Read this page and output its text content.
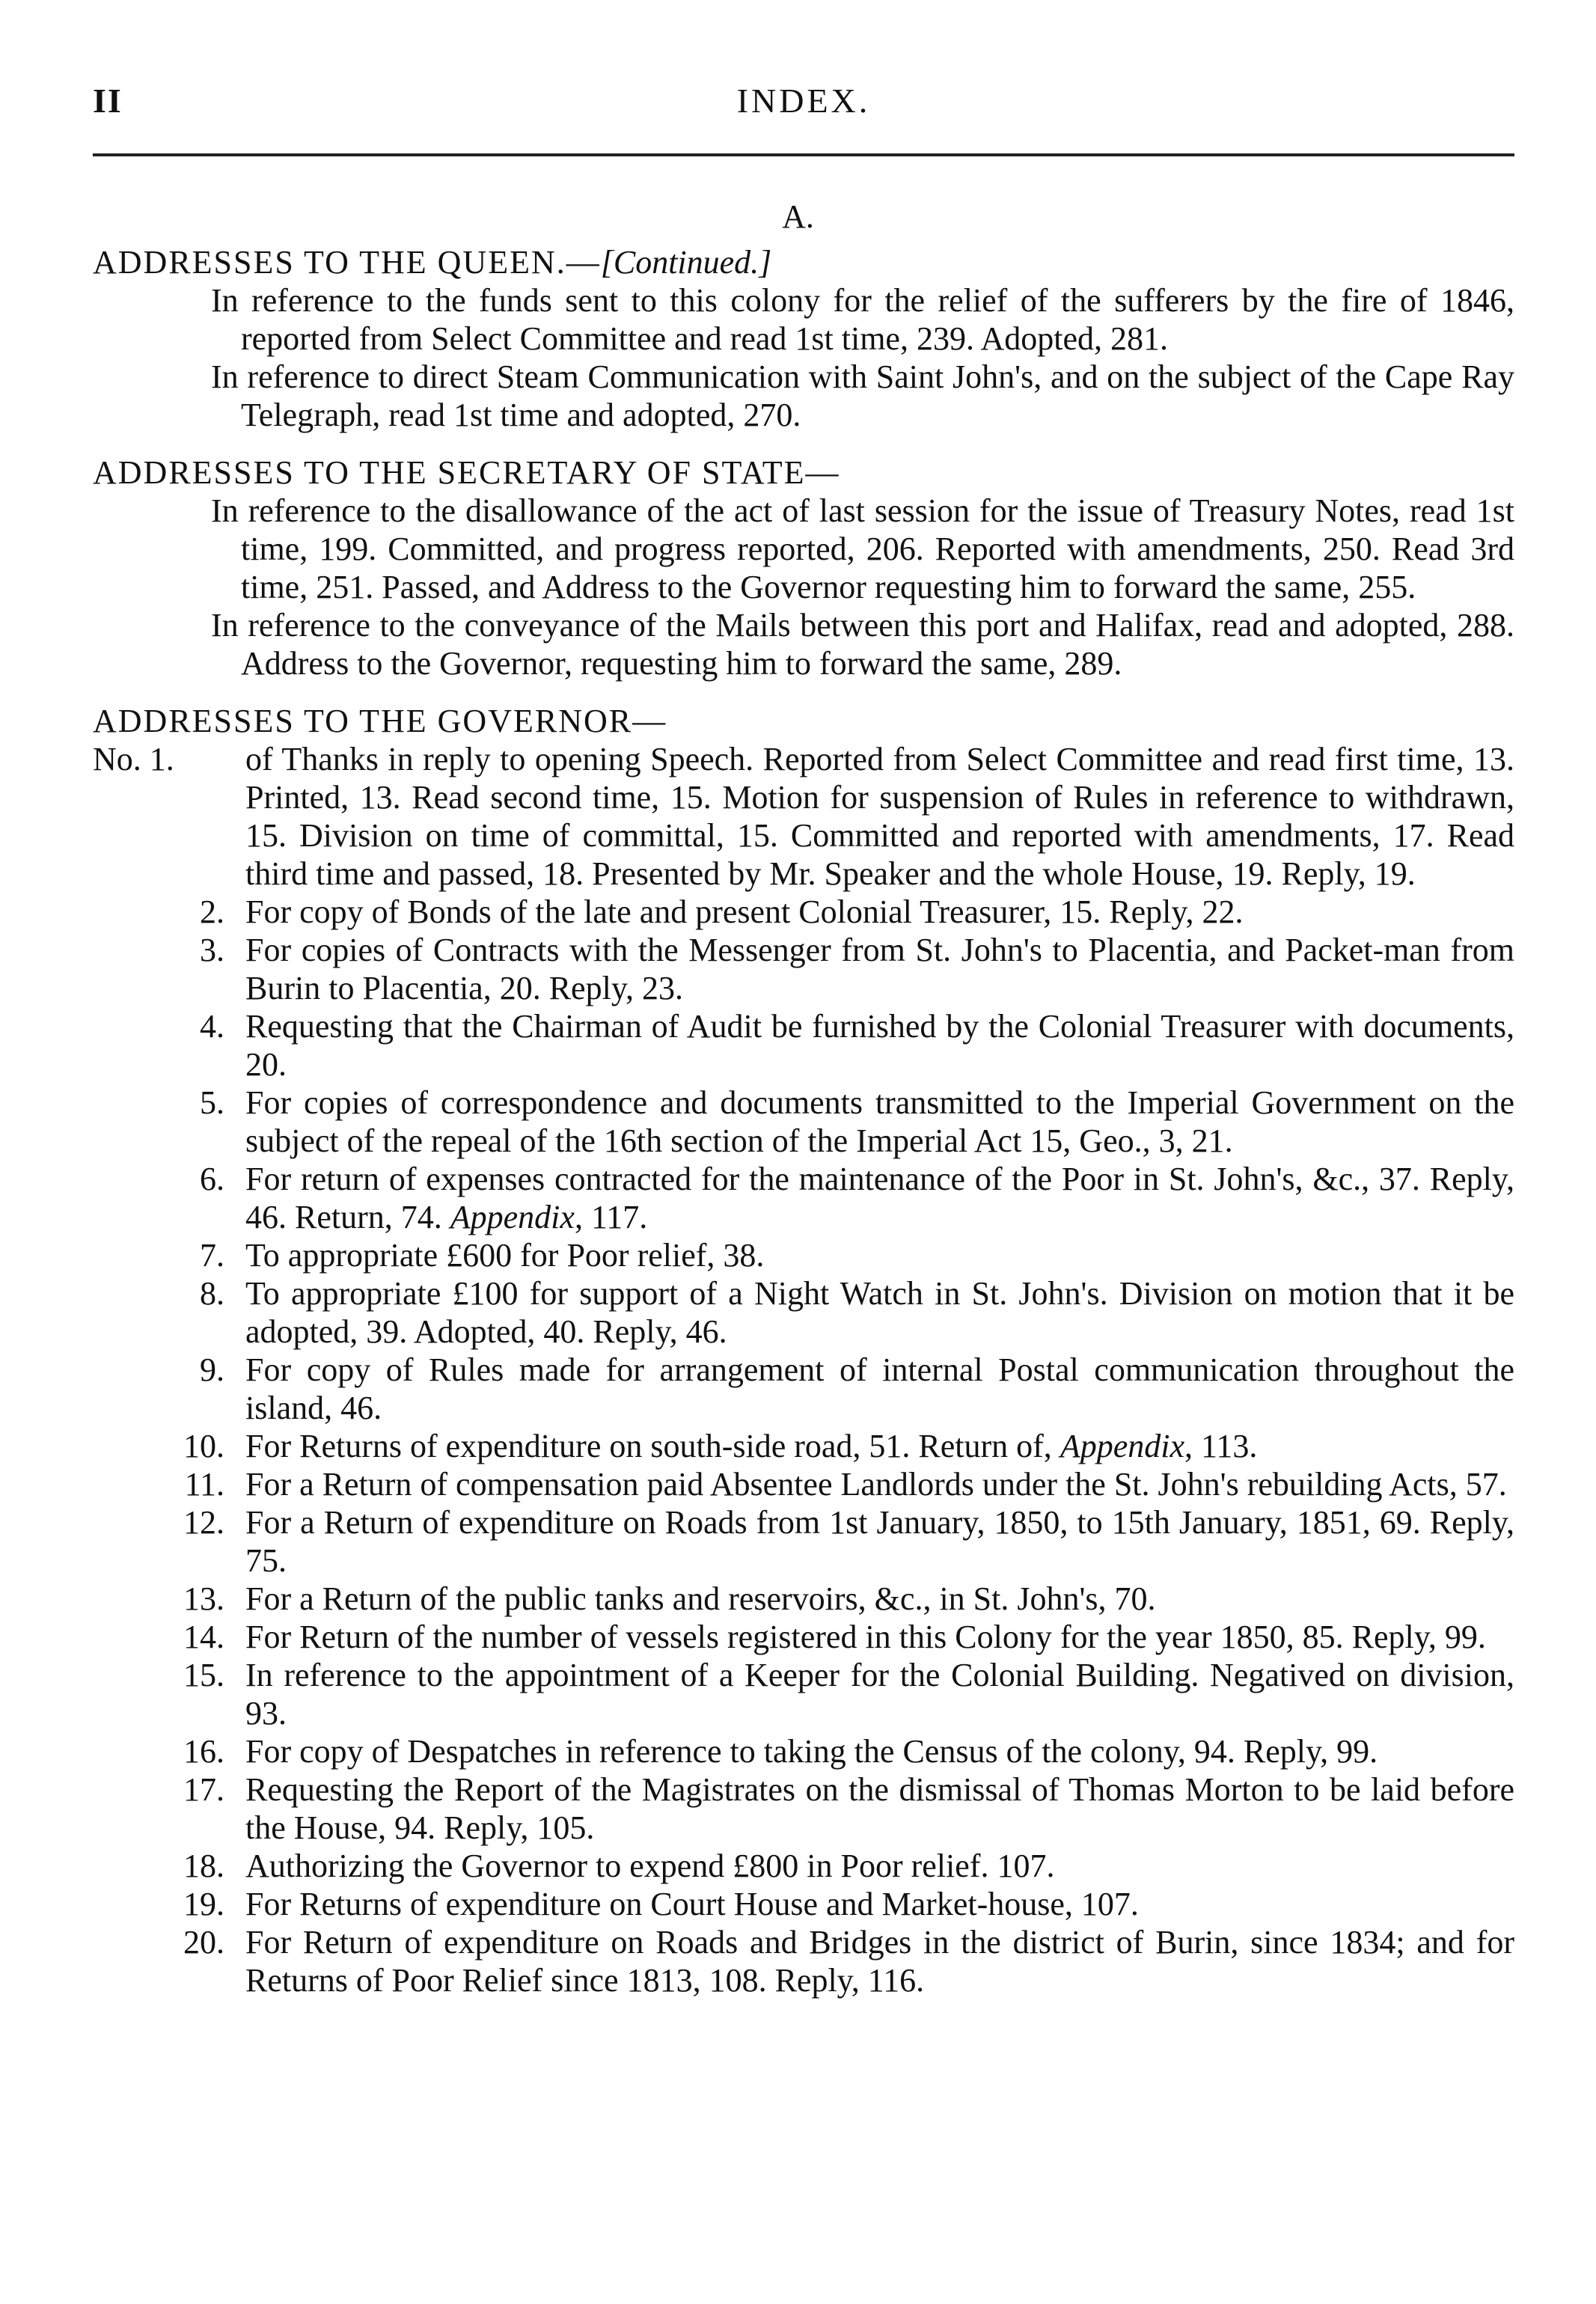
II	INDEX.
A.

ADDRESSES TO THE QUEEN.—[Continued.]

In reference to the funds sent to this colony for the relief of the sufferers by the fire of 1846, reported from Select Committee and read 1st time, 239. Adopted, 281.

In reference to direct Steam Communication with Saint John's, and on the subject of the Cape Ray Telegraph, read 1st time and adopted, 270.

ADDRESSES TO THE SECRETARY OF STATE—

In reference to the disallowance of the act of last session for the issue of Treasury Notes, read 1st time, 199. Committed, and progress reported, 206. Reported with amendments, 250. Read 3rd time, 251. Passed, and Address to the Governor requesting him to forward the same, 255.

In reference to the conveyance of the Mails between this port and Halifax, read and adopted, 288. Address to the Governor, requesting him to forward the same, 289.

ADDRESSES TO THE GOVERNOR—

No. 1.	of Thanks in reply to opening Speech. Reported from Select Committee and read first time, 13. Printed, 13. Read second time, 15. Motion for suspension of Rules in reference to withdrawn, 15. Division on time of committal, 15. Committed and reported with amendments, 17. Read third time and passed, 18. Presented by Mr. Speaker and the whole House, 19. Reply, 19.

2. For copy of Bonds of the late and present Colonial Treasurer, 15. Reply, 22.

3. For copies of Contracts with the Messenger from St. John's to Placentia, and Packet-man from Burin to Placentia, 20. Reply, 23.

4. Requesting that the Chairman of Audit be furnished by the Colonial Treasurer with documents, 20.

5. For copies of correspondence and documents transmitted to the Imperial Government on the subject of the repeal of the 16th section of the Imperial Act 15, Geo., 3, 21.

6. For return of expenses contracted for the maintenance of the Poor in St. John's, &c., 37. Reply, 46. Return, 74. Appendix, 117.

7. To appropriate £600 for Poor relief, 38.

8. To appropriate £100 for support of a Night Watch in St. John's. Division on motion that it be adopted, 39. Adopted, 40. Reply, 46.

9. For copy of Rules made for arrangement of internal Postal communication throughout the island, 46.

10. For Returns of expenditure on south-side road, 51. Return of, Appendix, 113.

11. For a Return of compensation paid Absentee Landlords under the St. John's rebuilding Acts, 57.

12. For a Return of expenditure on Roads from 1st January, 1850, to 15th January, 1851, 69. Reply, 75.

13. For a Return of the public tanks and reservoirs, &c., in St. John's, 70.

14. For Return of the number of vessels registered in this Colony for the year 1850, 85. Reply, 99.

15. In reference to the appointment of a Keeper for the Colonial Building. Negatived on division, 93.

16. For copy of Despatches in reference to taking the Census of the colony, 94. Reply, 99.

17. Requesting the Report of the Magistrates on the dismissal of Thomas Morton to be laid before the House, 94. Reply, 105.

18. Authorizing the Governor to expend £800 in Poor relief. 107.

19. For Returns of expenditure on Court House and Market-house, 107.

20. For Return of expenditure on Roads and Bridges in the district of Burin, since 1834; and for Returns of Poor Relief since 1813, 108. Reply, 116.
